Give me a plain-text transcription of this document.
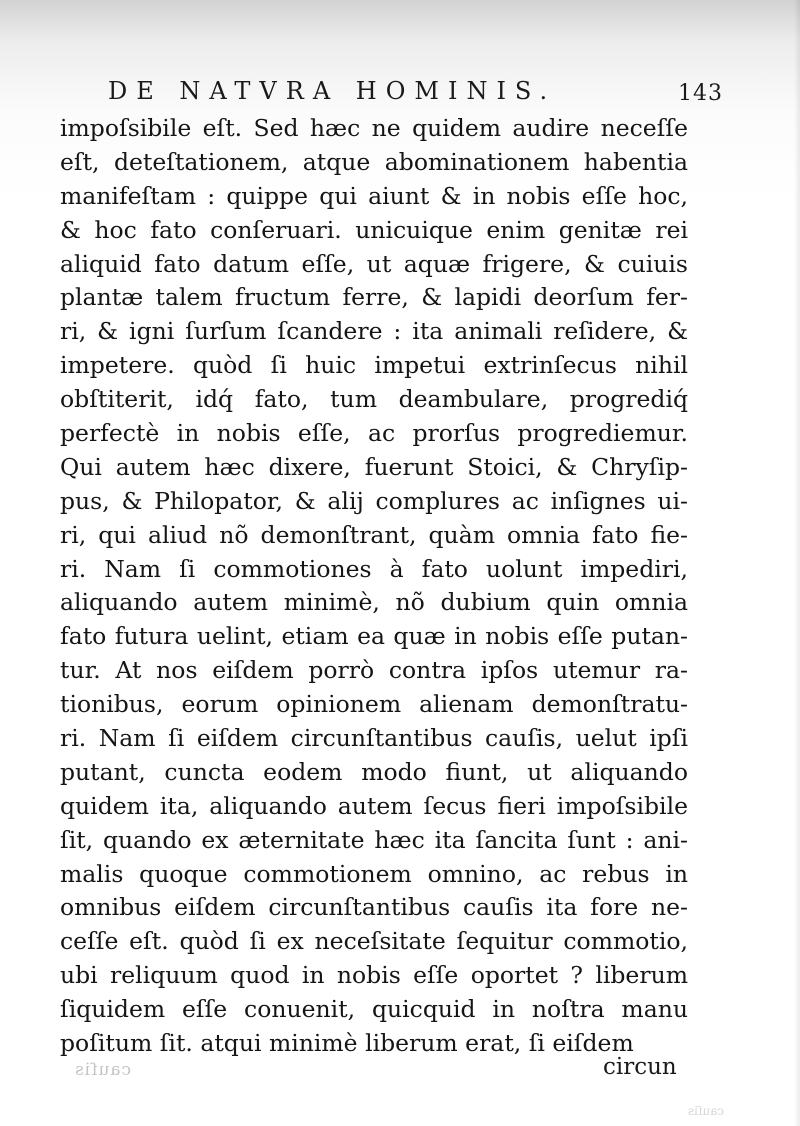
DE NATVRA HOMINIS.	143
impoſsibile eſt. Sed hæc ne quidem audire neceſſe
eſt, deteſtationem, atque abominationem habentia
manifeſtam : quippe qui aiunt & in nobis eſſe hoc,
& hoc fato conſeruari. unicuique enim genitæ rei
aliquid fato datum eſſe, ut aquæ frigere, & cuiuis
plantæ talem fructum ferre, & lapidi deorſum fer-
ri, & igni ſurſum ſcandere : ita animali reſidere, &
impetere. quòd ſi huic impetui extrinſecus nihil
obſtiterit, idq́ fato, tum deambulare, progrediq́
perfectè in nobis eſſe, ac prorſus progrediemur.
Qui autem hæc dixere, fuerunt Stoici, & Chryſip-
pus, & Philopator, & alij complures ac inſignes ui-
ri, qui aliud nõ demonſtrant, quàm omnia fato fie-
ri. Nam ſi commotiones à fato uolunt impediri,
aliquando autem minimè, nõ dubium quin omnia
fato futura uelint, etiam ea quæ in nobis eſſe putan-
tur. At nos eiſdem porrò contra ipſos utemur ra-
tionibus, eorum opinionem alienam demonſtratu-
ri. Nam ſi eiſdem circunſtantibus cauſis, uelut ipſi
putant, cuncta eodem modo fiunt, ut aliquando
quidem ita, aliquando autem ſecus fieri impoſsibile
ſit, quando ex æternitate hæc ita ſancita ſunt : ani-
malis quoque commotionem omnino, ac rebus in
omnibus eiſdem circunſtantibus cauſis ita fore ne-
ceſſe eſt. quòd ſi ex neceſsitate ſequitur commotio,
ubi reliquum quod in nobis eſſe oportet ? liberum
ſiquidem eſſe conuenit, quicquid in noſtra manu
poſitum ſit. atqui minimè liberum erat, ſi eiſdem
circun
cauſis
cauſis
